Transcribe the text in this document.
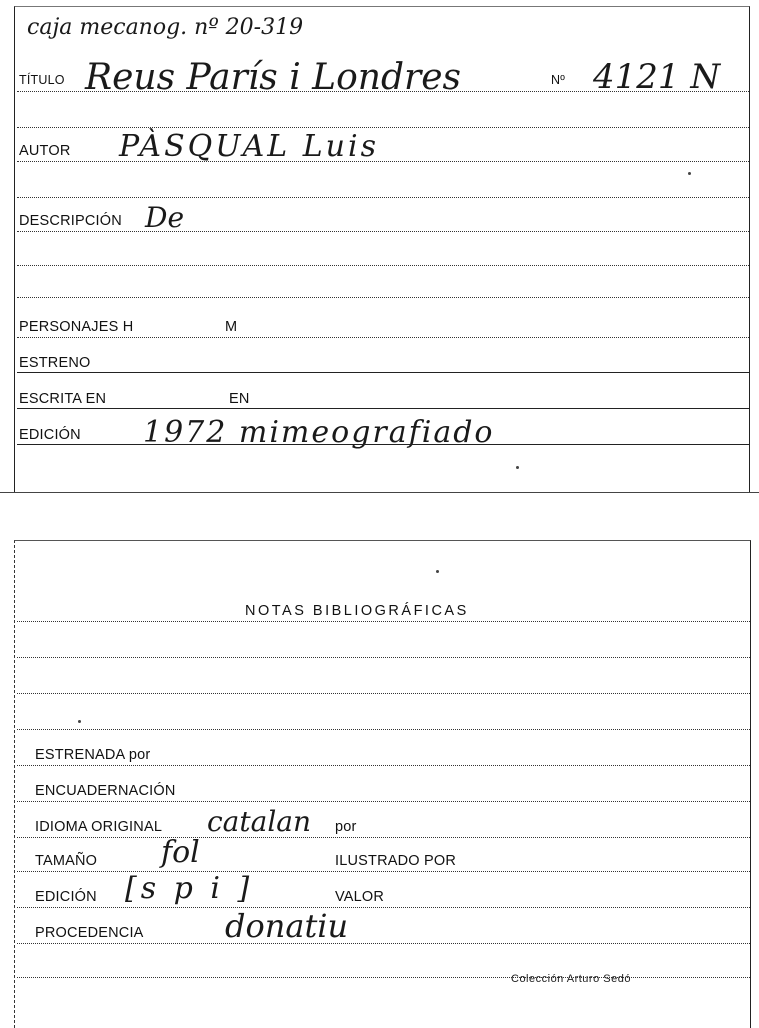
caja mecanog. nº 20-319
TÍTULO Reus París i Londres	Nº 4121 N
AUTOR PÀSQUAL Luis
DESCRIPCIÓN De
PERSONAJES H	M
ESTRENO
ESCRITA EN	EN
EDICIÓN 1972 mimeografiado
NOTAS BIBLIOGRÁFICAS
ESTRENADA por
ENCUADERNACIÓN
IDIOMA ORIGINAL catalan por
TAMAÑO fol	ILUSTRADO POR
EDICIÓN [s p i ]	VALOR
PROCEDENCIA	donatiu
Colección Arturo Sedó
